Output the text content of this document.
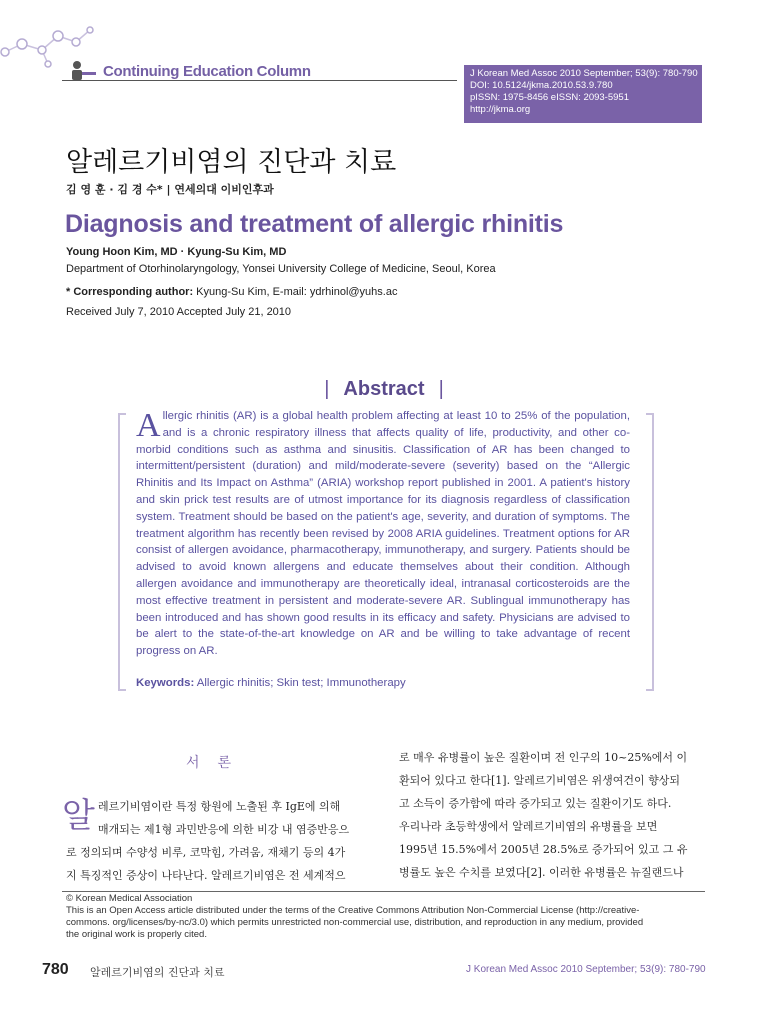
Continuing Education Column	J Korean Med Assoc 2010 September; 53(9): 780-790
DOI: 10.5124/jkma.2010.53.9.780
pISSN: 1975-8456 eISSN: 2093-5951
http://jkma.org
알레르기비염의 진단과 치료
김 영 훈 · 김 경 수* | 연세의대 이비인후과
Diagnosis and treatment of allergic rhinitis
Young Hoon Kim, MD · Kyung-Su Kim, MD
Department of Otorhinolaryngology, Yonsei University College of Medicine, Seoul, Korea
* Corresponding author: Kyung-Su Kim, E-mail: ydrhinol@yuhs.ac
Received July 7, 2010 Accepted July 21, 2010
| Abstract |

Allergic rhinitis (AR) is a global health problem affecting at least 10 to 25% of the population, and is a chronic respiratory illness that affects quality of life, productivity, and other co-morbid conditions such as asthma and sinusitis. Classification of AR has been changed to intermittent/persistent (duration) and mild/moderate-severe (severity) based on the “Allergic Rhinitis and Its Impact on Asthma” (ARIA) workshop report published in 2001. A patient's history and skin prick test results are of utmost importance for its diagnosis regardless of classification system. Treatment should be based on the patient's age, severity, and duration of symptoms. The treatment algorithm has recently been revised by 2008 ARIA guidelines. Treatment options for AR consist of allergen avoidance, pharmacotherapy, immunotherapy, and surgery. Patients should be advised to avoid known allergens and educate themselves about their condition. Although allergen avoidance and immunotherapy are theoretically ideal, intranasal corticosteroids are the most effective treatment in persistent and moderate-severe AR. Sublingual immunotherapy has been introduced and has shown good results in its efficacy and safety. Physicians are advised to be alert to the state-of-the-art knowledge on AR and be willing to take advantage of recent progress on AR.

Keywords: Allergic rhinitis; Skin test; Immunotherapy
서론
알 레르기비염이란 특정 항원에 노출된 후 IgE에 의해
매개되는 제1형 과민반응에 의한 비강 내 염증반응으
로 정의되며 수양성 비루, 코막힘, 가려움, 재채기 등의 4가
지 특징적인 증상이 나타난다. 알레르기비염은 전 세계적으
로 매우 유병률이 높은 질환이며 전 인구의 10~25%에서 이
환되어 있다고 한다[1]. 알레르기비염은 위생여건이 향상되
고 소득이 증가함에 따라 증가되고 있는 질환이기도 하다.
우리나라 초등학생에서 알레르기비염의 유병률을 보면
1995년 15.5%에서 2005년 28.5%로 증가되어 있고 그 유
병률도 높은 수치를 보였다[2]. 이러한 유병률은 뉴질랜드나
© Korean Medical Association
This is an Open Access article distributed under the terms of the Creative Commons Attribution Non-Commercial License (http://creative-
commons. org/licenses/by-nc/3.0) which permits unrestricted non-commercial use, distribution, and reproduction in any medium, provided
the original work is properly cited.
780 알레르기비염의 진단과 치료	J Korean Med Assoc 2010 September; 53(9): 780-790
